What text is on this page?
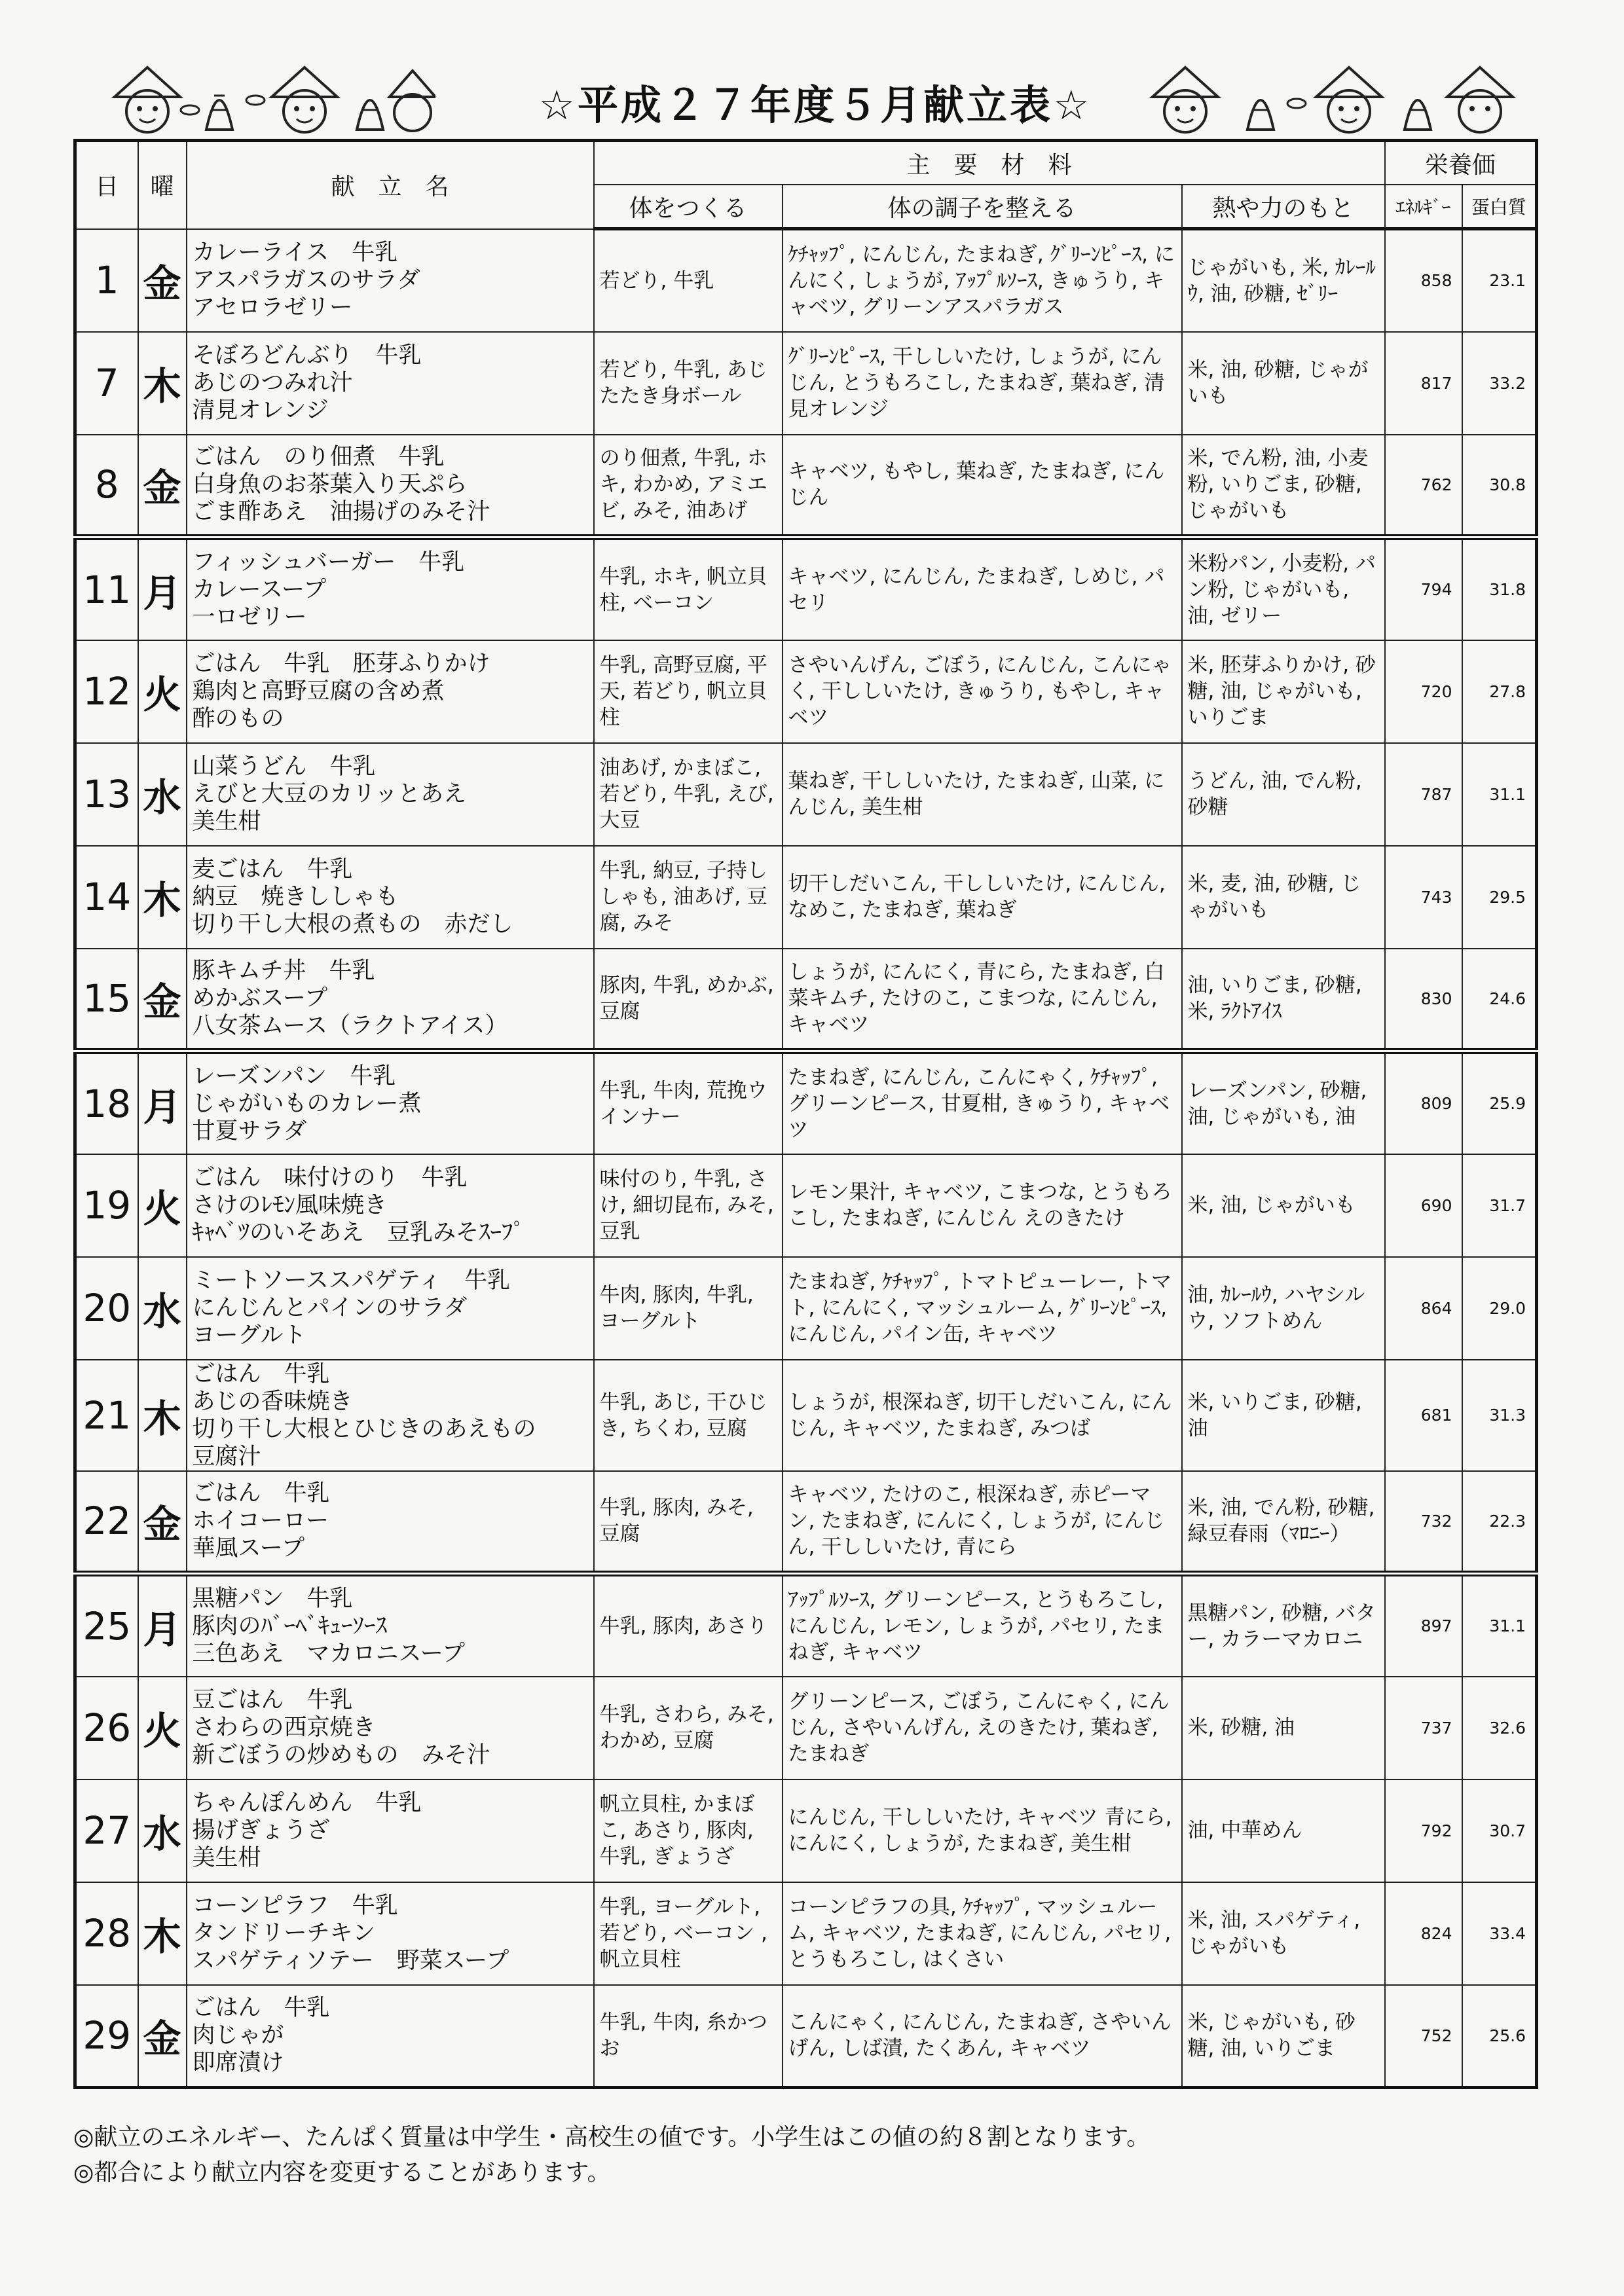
☆平成２７年度５月献立表☆
日	曜	献　立　名	主　要　材　料			栄養価	
			体をつくる	体の調子を整える	熱や力のもと	ｴﾈﾙｷﾞｰ	蛋白質
1	金	カレーライス　牛乳
アスパラガスのサラダ
アセロラゼリー	若どり, 牛乳	ｹﾁｬｯﾌﾟ, にんじん, たまねぎ, ｸﾞﾘｰﾝﾋﾟｰｽ, にんにく, しょうが, ｱｯﾌﾟﾙｿｰｽ, きゅうり, キャベツ, グリーンアスパラガス	じゃがいも, 米, ｶﾚｰﾙｳ, 油, 砂糖, ｾﾞﾘｰ	858	23.1
7	木	そぼろどんぶり　牛乳
あじのつみれ汁
清見オレンジ	若どり, 牛乳, あじたたき身ボール	ｸﾞﾘｰﾝﾋﾟｰｽ, 干ししいたけ, しょうが, にんじん, とうもろこし, たまねぎ, 葉ねぎ, 清見オレンジ	米, 油, 砂糖, じゃがいも	817	33.2
8	金	ごはん　のり佃煮　牛乳
白身魚のお茶葉入り天ぷら
ごま酢あえ　油揚げのみそ汁	のり佃煮, 牛乳, ホキ, わかめ, アミエビ, みそ, 油あげ	キャベツ, もやし, 葉ねぎ, たまねぎ, にんじん	米, でん粉, 油, 小麦粉, いりごま, 砂糖, じゃがいも	762	30.8
11	月	フィッシュバーガー　牛乳
カレースープ
一ロゼリー	牛乳, ホキ, 帆立貝柱, ベーコン	キャベツ, にんじん, たまねぎ, しめじ, パセリ	米粉パン, 小麦粉, パン粉, じゃがいも, 油, ゼリー	794	31.8
12	火	ごはん　牛乳　胚芽ふりかけ
鶏肉と高野豆腐の含め煮
酢のもの	牛乳, 高野豆腐, 平天, 若どり, 帆立貝柱	さやいんげん, ごぼう, にんじん, こんにゃく, 干ししいたけ, きゅうり, もやし, キャベツ	米, 胚芽ふりかけ, 砂糖, 油, じゃがいも, いりごま	720	27.8
13	水	山菜うどん　牛乳
えびと大豆のカリッとあえ
美生柑	油あげ, かまぼこ, 若どり, 牛乳, えび, 大豆	葉ねぎ, 干ししいたけ, たまねぎ, 山菜, にんじん, 美生柑	うどん, 油, でん粉, 砂糖	787	31.1
14	木	麦ごはん　牛乳
納豆　焼きししゃも
切り干し大根の煮もの　赤だし	牛乳, 納豆, 子持ししゃも, 油あげ, 豆腐, みそ	切干しだいこん, 干ししいたけ, にんじん, なめこ, たまねぎ, 葉ねぎ	米, 麦, 油, 砂糖, じゃがいも	743	29.5
15	金	豚キムチ丼　牛乳
めかぶスープ
八女茶ムース（ラクトアイス）	豚肉, 牛乳, めかぶ, 豆腐	しょうが, にんにく, 青にら, たまねぎ, 白菜キムチ, たけのこ, こまつな, にんじん, キャベツ	油, いりごま, 砂糖, 米, ﾗｸﾄｱｲｽ	830	24.6
18	月	レーズンパン　牛乳
じゃがいものカレー煮
甘夏サラダ	牛乳, 牛肉, 荒挽ウインナー	たまねぎ, にんじん, こんにゃく, ｹﾁｬｯﾌﾟ, グリーンピース, 甘夏柑, きゅうり, キャベツ	レーズンパン, 砂糖, 油, じゃがいも, 油	809	25.9
19	火	ごはん　味付けのり　牛乳
さけのﾚﾓﾝ風味焼き
ｷｬﾍﾞﾂのいそあえ　豆乳みそｽｰﾌﾟ	味付のり, 牛乳, さけ, 細切昆布, みそ, 豆乳	レモン果汁, キャベツ, こまつな, とうもろこし, たまねぎ, にんじん えのきたけ	米, 油, じゃがいも	690	31.7
20	水	ミートソーススパゲティ　牛乳
にんじんとパインのサラダ
ヨーグルト	牛肉, 豚肉, 牛乳, ヨーグルト	たまねぎ, ｹﾁｬｯﾌﾟ, トマトピューレー, トマト, にんにく, マッシュルーム, ｸﾞﾘｰﾝﾋﾟｰｽ, にんじん, パイン缶, キャベツ	油, ｶﾚｰﾙｳ, ハヤシルウ, ソフトめん	864	29.0
21	木	ごはん　牛乳
あじの香味焼き
切り干し大根とひじきのあえもの
豆腐汁	牛乳, あじ, 干ひじき, ちくわ, 豆腐	しょうが, 根深ねぎ, 切干しだいこん, にんじん, キャベツ, たまねぎ, みつば	米, いりごま, 砂糖, 油	681	31.3
22	金	ごはん　牛乳
ホイコーロー
華風スープ	牛乳, 豚肉, みそ, 豆腐	キャベツ, たけのこ, 根深ねぎ, 赤ピーマン, たまねぎ, にんにく, しょうが, にんじん, 干ししいたけ, 青にら	米, 油, でん粉, 砂糖, 緑豆春雨（ﾏﾛﾆｰ）	732	22.3
25	月	黒糖パン　牛乳
豚肉のﾊﾞｰﾍﾞｷｭｰｿｰｽ
三色あえ　マカロニスープ	牛乳, 豚肉, あさり	ｱｯﾌﾟﾙｿｰｽ, グリーンピース, とうもろこし, にんじん, レモン, しょうが, パセリ, たまねぎ, キャベツ	黒糖パン, 砂糖, バター, カラーマカロニ	897	31.1
26	火	豆ごはん　牛乳
さわらの西京焼き
新ごぼうの炒めもの　みそ汁	牛乳, さわら, みそ, わかめ, 豆腐	グリーンピース, ごぼう, こんにゃく, にんじん, さやいんげん, えのきたけ, 葉ねぎ, たまねぎ	米, 砂糖, 油	737	32.6
27	水	ちゃんぽんめん　牛乳
揚げぎょうざ
美生柑	帆立貝柱, かまぼこ, あさり, 豚肉, 牛乳, ぎょうざ	にんじん, 干ししいたけ, キャベツ 青にら, にんにく, しょうが, たまねぎ, 美生柑	油, 中華めん	792	30.7
28	木	コーンピラフ　牛乳
タンドリーチキン
スパゲティソテー　野菜スープ	牛乳, ヨーグルト, 若どり, ベーコン , 帆立貝柱	コーンピラフの具, ｹﾁｬｯﾌﾟ, マッシュルーム, キャベツ, たまねぎ, にんじん, パセリ, とうもろこし, はくさい	米, 油, スパゲティ, じゃがいも	824	33.4
29	金	ごはん　牛乳
肉じゃが
即席漬け	牛乳, 牛肉, 糸かつお	こんにゃく, にんじん, たまねぎ, さやいんげん, しば漬, たくあん, キャベツ	米, じゃがいも, 砂糖, 油, いりごま	752	25.6
◎献立のエネルギー、たんぱく質量は中学生・高校生の値です。小学生はこの値の約８割となります。
◎都合により献立内容を変更することがあります。
